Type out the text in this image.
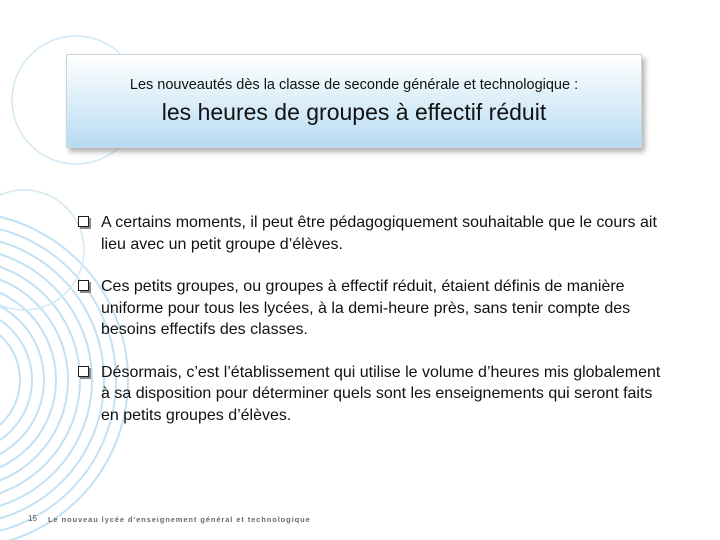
Les nouveautés dès la classe de seconde générale et technologique :
les heures de groupes à effectif réduit
A certains moments, il peut être pédagogiquement souhaitable que le cours ait lieu avec un petit groupe d’élèves.
Ces petits groupes, ou groupes à effectif réduit, étaient définis de manière uniforme pour tous les lycées, à la demi-heure près, sans tenir compte des besoins effectifs des classes.
Désormais, c’est l’établissement qui utilise le volume d’heures mis globalement à sa disposition pour déterminer quels sont les enseignements qui seront faits en petits groupes d’élèves.
15 Le nouveau lycée d'enseignement général et technologique
